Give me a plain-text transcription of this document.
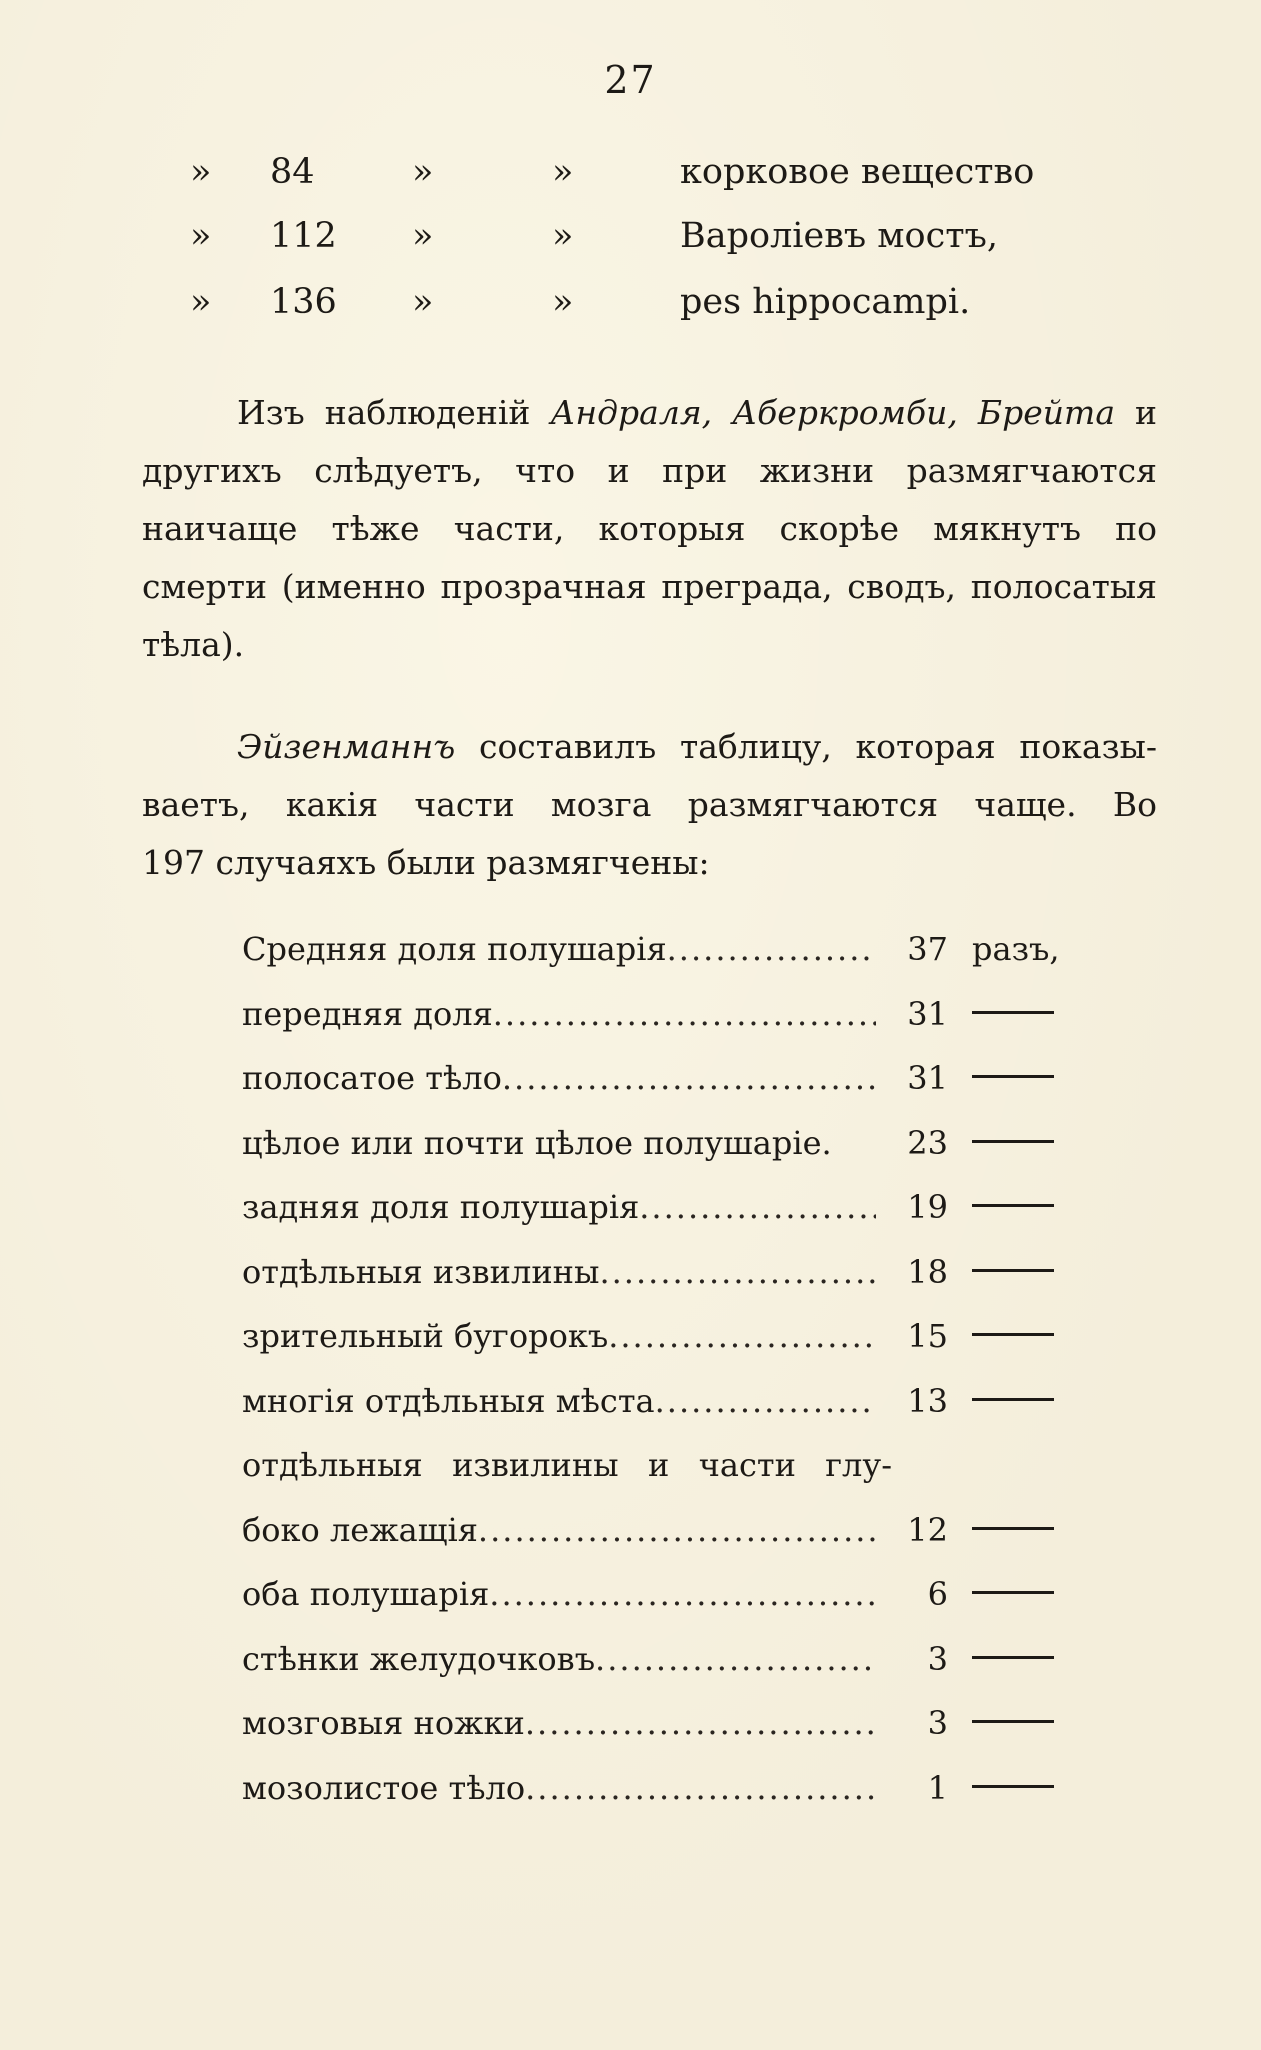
27
» 84	»	»	корковое вещество
» 112	»	»	Вароліевъ мостъ,
» 136	»	»	pes hippocampi.
Изъ наблюденій Андраля, Аберкромби, Брейта и
другихъ слѣдуетъ, что и при жизни размягчаются
наичаще тѣже части, которыя скорѣе мякнутъ по
смерти (именно прозрачная преграда, сводъ, полосатыя
тѣла).
Эйзенманнъ составилъ таблицу, которая показы-
ваетъ, какія части мозга размягчаются чаще. Во
197 случаяхъ были размягчены:
Средняя доля полушарія .....	37 разъ,
передняя доля .....	31
полосатое тѣло .....	31
цѣлое или почти цѣлое полушаріе.	23
задняя доля полушарія .....	19
отдѣльныя извилины .....	18
зрительный бугорокъ .....	15
многія отдѣльныя мѣста .....	13
отдѣльныя извилины и части глу-
боко лежащія .....	12
оба полушарія .....	6
стѣнки желудочковъ .....	3
мозговыя ножки .....	3
мозолистое тѣло .....	1
